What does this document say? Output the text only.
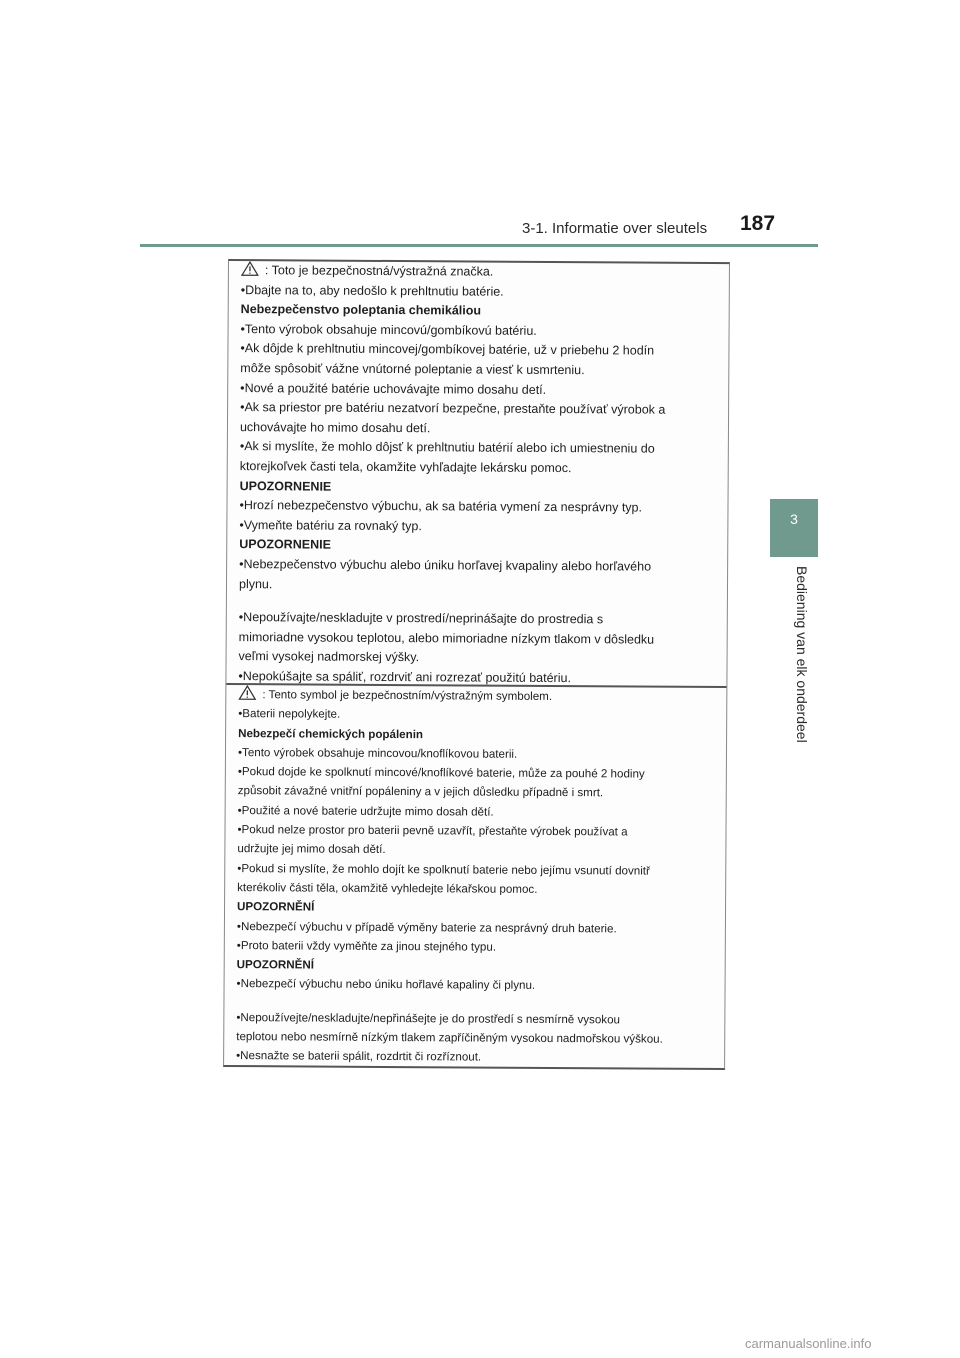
3-1. Informatie over sleutels 187
3
Bediening van elk onderdeel
: Toto je bezpečnostná/výstražná značka.
•Dbajte na to, aby nedošlo k prehltnutiu batérie.
Nebezpečenstvo poleptania chemikáliou
•Tento výrobok obsahuje mincovú/gombíkovú batériu.
•Ak dôjde k prehltnutiu mincovej/gombíkovej batérie, už v priebehu 2 hodín
môže spôsobiť vážne vnútorné poleptanie a viesť k usmrteniu.
•Nové a použité batérie uchovávajte mimo dosahu detí.
•Ak sa priestor pre batériu nezatvorí bezpečne, prestaňte používať výrobok a
uchovávajte ho mimo dosahu detí.
•Ak si myslíte, že mohlo dôjsť k prehltnutiu batérií alebo ich umiestneniu do
ktorejkoľvek časti tela, okamžite vyhľadajte lekársku pomoc.
UPOZORNENIE
•Hrozí nebezpečenstvo výbuchu, ak sa batéria vymení za nesprávny typ.
•Vymeňte batériu za rovnaký typ.
UPOZORNENIE
•Nebezpečenstvo výbuchu alebo úniku horľavej kvapaliny alebo horľavého
plynu.
•Nepoužívajte/neskladujte v prostredí/neprinášajte do prostredia s
mimoriadne vysokou teplotou, alebo mimoriadne nízkym tlakom v dôsledku
veľmi vysokej nadmorskej výšky.
•Nepokúšajte sa spáliť, rozdrviť ani rozrezať použitú batériu.
: Tento symbol je bezpečnostním/výstražným symbolem.
•Baterii nepolykejte.
Nebezpečí chemických popálenin
•Tento výrobek obsahuje mincovou/knoflíkovou baterii.
•Pokud dojde ke spolknutí mincové/knoflíkové baterie, může za pouhé 2 hodiny
způsobit závažné vnitřní popáleniny a v jejich důsledku případně i smrt.
•Použité a nové baterie udržujte mimo dosah dětí.
•Pokud nelze prostor pro baterii pevně uzavřít, přestaňte výrobek používat a
udržujte jej mimo dosah dětí.
•Pokud si myslíte, že mohlo dojít ke spolknutí baterie nebo jejímu vsunutí dovnitř
kterékoliv části těla, okamžitě vyhledejte lékařskou pomoc.
UPOZORNĚNÍ
•Nebezpečí výbuchu v případě výměny baterie za nesprávný druh baterie.
•Proto baterii vždy vyměňte za jinou stejného typu.
UPOZORNĚNÍ
•Nebezpečí výbuchu nebo úniku hořlavé kapaliny či plynu.
•Nepoužívejte/neskladujte/nepřinášejte je do prostředí s nesmírně vysokou
teplotou nebo nesmírně nízkým tlakem zapříčiněným vysokou nadmořskou výškou.
•Nesnažte se baterii spálit, rozdrtit či rozříznout.
carmanualsonline.info
